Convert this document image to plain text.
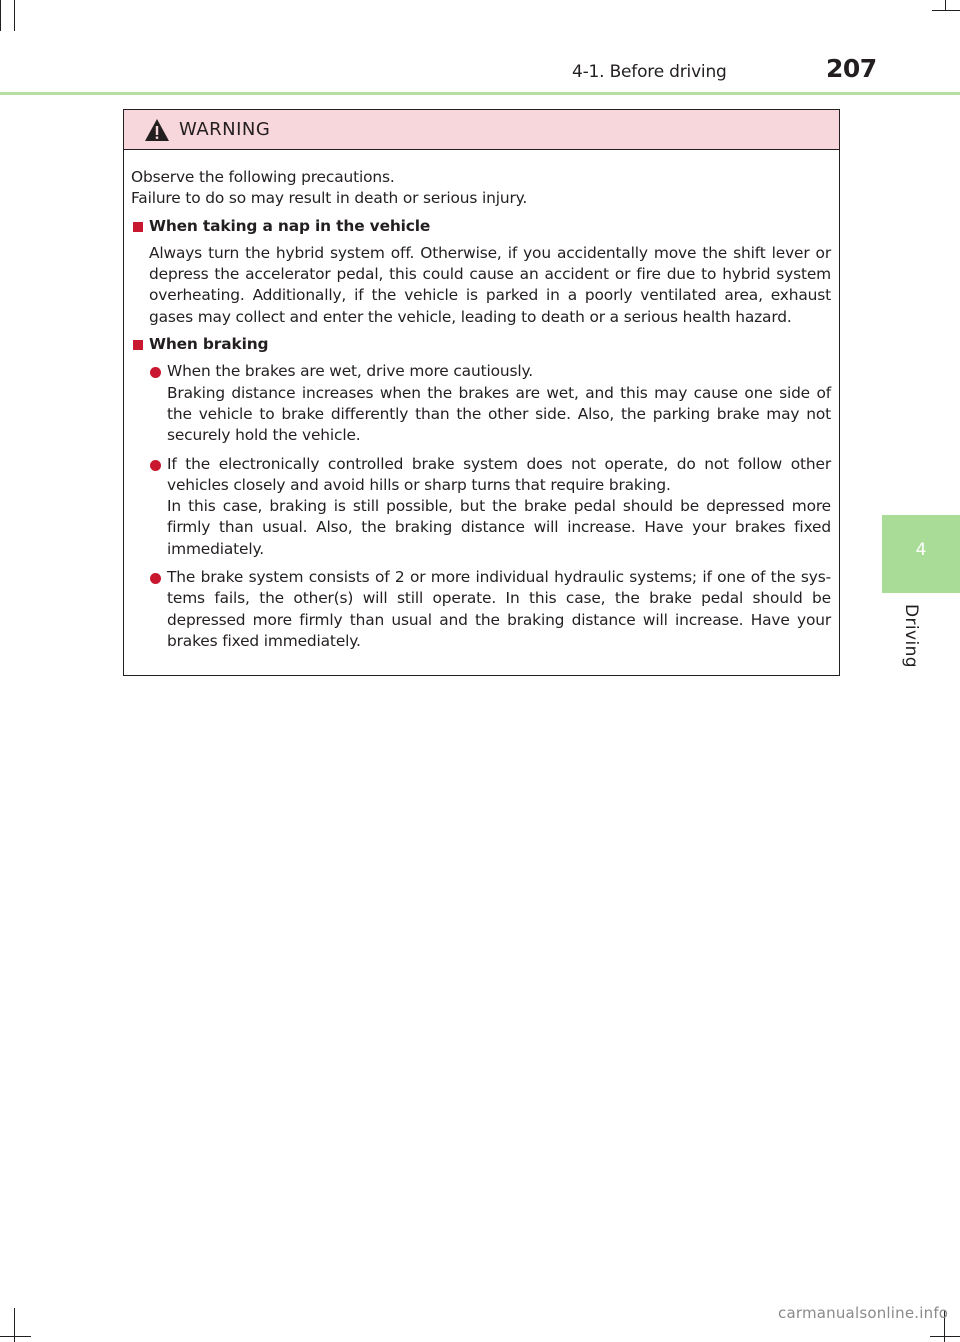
4-1. Before driving	207
4
Driving
WARNING

Observe the following precautions.
Failure to do so may result in death or serious injury.

When taking a nap in the vehicle

Always turn the hybrid system off. Otherwise, if you accidentally move the shift lever or depress the accelerator pedal, this could cause an accident or fire due to hybrid system overheating. Additionally, if the vehicle is parked in a poorly ventilated area, exhaust gases may collect and enter the vehicle, leading to death or a serious health hazard.

When braking

When the brakes are wet, drive more cautiously.

Braking distance increases when the brakes are wet, and this may cause one side of the vehicle to brake differently than the other side. Also, the parking brake may not securely hold the vehicle.

If the electronically controlled brake system does not operate, do not follow other vehicles closely and avoid hills or sharp turns that require braking.

In this case, braking is still possible, but the brake pedal should be depressed more firmly than usual. Also, the braking distance will increase. Have your brakes fixed immediately.

The brake system consists of 2 or more individual hydraulic systems; if one of the sys-tems fails, the other(s) will still operate. In this case, the brake pedal should be depressed more firmly than usual and the braking distance will increase. Have your brakes fixed immediately.

carmanualsonline.info
